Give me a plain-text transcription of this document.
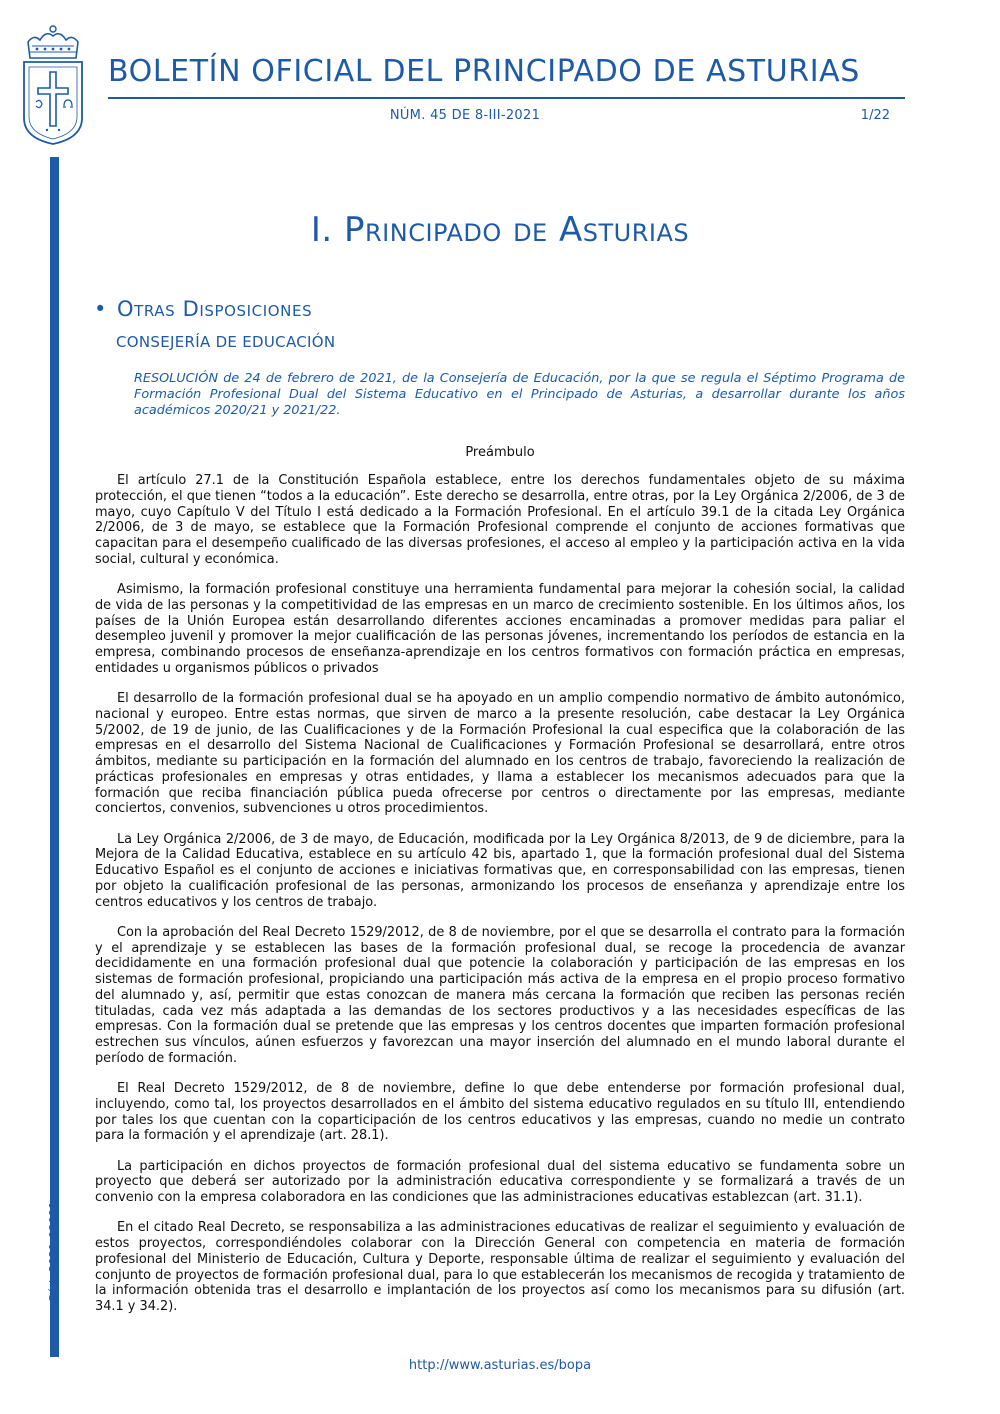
BOLETÍN OFICIAL DEL PRINCIPADO DE ASTURIAS
NÚM. 45 DE 8-III-2021	1/22
Cód. 2021-02091
I. Principado de Asturias
• Otras Disposiciones
CONSEJERÍA DE EDUCACIÓN

RESOLUCIÓN de 24 de febrero de 2021, de la Consejería de Educación, por la que se regula el Séptimo Programa de Formación Profesional Dual del Sistema Educativo en el Principado de Asturias, a desarrollar durante los años académicos 2020/21 y 2021/22.

Preámbulo

El artículo 27.1 de la Constitución Española establece, entre los derechos fundamentales objeto de su máxima protección, el que tienen “todos a la educación”. Este derecho se desarrolla, entre otras, por la Ley Orgánica 2/2006, de 3 de mayo, cuyo Capítulo V del Título I está dedicado a la Formación Profesional. En el artículo 39.1 de la citada Ley Orgánica 2/2006, de 3 de mayo, se establece que la Formación Profesional comprende el conjunto de acciones formativas que capacitan para el desempeño cualificado de las diversas profesiones, el acceso al empleo y la participación activa en la vida social, cultural y económica.

Asimismo, la formación profesional constituye una herramienta fundamental para mejorar la cohesión social, la calidad de vida de las personas y la competitividad de las empresas en un marco de crecimiento sostenible. En los últimos años, los países de la Unión Europea están desarrollando diferentes acciones encaminadas a promover medidas para paliar el desempleo juvenil y promover la mejor cualificación de las personas jóvenes, incrementando los períodos de estancia en la empresa, combinando procesos de enseñanza-aprendizaje en los centros formativos con formación práctica en empresas, entidades u organismos públicos o privados

El desarrollo de la formación profesional dual se ha apoyado en un amplio compendio normativo de ámbito autonómico, nacional y europeo. Entre estas normas, que sirven de marco a la presente resolución, cabe destacar la Ley Orgánica 5/2002, de 19 de junio, de las Cualificaciones y de la Formación Profesional la cual especifica que la colaboración de las empresas en el desarrollo del Sistema Nacional de Cualificaciones y Formación Profesional se desarrollará, entre otros ámbitos, mediante su participación en la formación del alumnado en los centros de trabajo, favoreciendo la realización de prácticas profesionales en empresas y otras entidades, y llama a establecer los mecanismos adecuados para que la formación que reciba financiación pública pueda ofrecerse por centros o directamente por las empresas, mediante conciertos, convenios, subvenciones u otros procedimientos.

La Ley Orgánica 2/2006, de 3 de mayo, de Educación, modificada por la Ley Orgánica 8/2013, de 9 de diciembre, para la Mejora de la Calidad Educativa, establece en su artículo 42 bis, apartado 1, que la formación profesional dual del Sistema Educativo Español es el conjunto de acciones e iniciativas formativas que, en corresponsabilidad con las empresas, tienen por objeto la cualificación profesional de las personas, armonizando los procesos de enseñanza y aprendizaje entre los centros educativos y los centros de trabajo.

Con la aprobación del Real Decreto 1529/2012, de 8 de noviembre, por el que se desarrolla el contrato para la formación y el aprendizaje y se establecen las bases de la formación profesional dual, se recoge la procedencia de avanzar decididamente en una formación profesional dual que potencie la colaboración y participación de las empresas en los sistemas de formación profesional, propiciando una participación más activa de la empresa en el propio proceso formativo del alumnado y, así, permitir que estas conozcan de manera más cercana la formación que reciben las personas recién tituladas, cada vez más adaptada a las demandas de los sectores productivos y a las necesidades específicas de las empresas. Con la formación dual se pretende que las empresas y los centros docentes que imparten formación profesional estrechen sus vínculos, aúnen esfuerzos y favorezcan una mayor inserción del alumnado en el mundo laboral durante el período de formación.

El Real Decreto 1529/2012, de 8 de noviembre, define lo que debe entenderse por formación profesional dual, incluyendo, como tal, los proyectos desarrollados en el ámbito del sistema educativo regulados en su título III, entendiendo por tales los que cuentan con la coparticipación de los centros educativos y las empresas, cuando no medie un contrato para la formación y el aprendizaje (art. 28.1).

La participación en dichos proyectos de formación profesional dual del sistema educativo se fundamenta sobre un proyecto que deberá ser autorizado por la administración educativa correspondiente y se formalizará a través de un convenio con la empresa colaboradora en las condiciones que las administraciones educativas establezcan (art. 31.1).

En el citado Real Decreto, se responsabiliza a las administraciones educativas de realizar el seguimiento y evaluación de estos proyectos, correspondiéndoles colaborar con la Dirección General con competencia en materia de formación profesional del Ministerio de Educación, Cultura y Deporte, responsable última de realizar el seguimiento y evaluación del conjunto de proyectos de formación profesional dual, para lo que establecerán los mecanismos de recogida y tratamiento de la información obtenida tras el desarrollo e implantación de los proyectos así como los mecanismos para su difusión (art. 34.1 y 34.2).

http://www.asturias.es/bopa
